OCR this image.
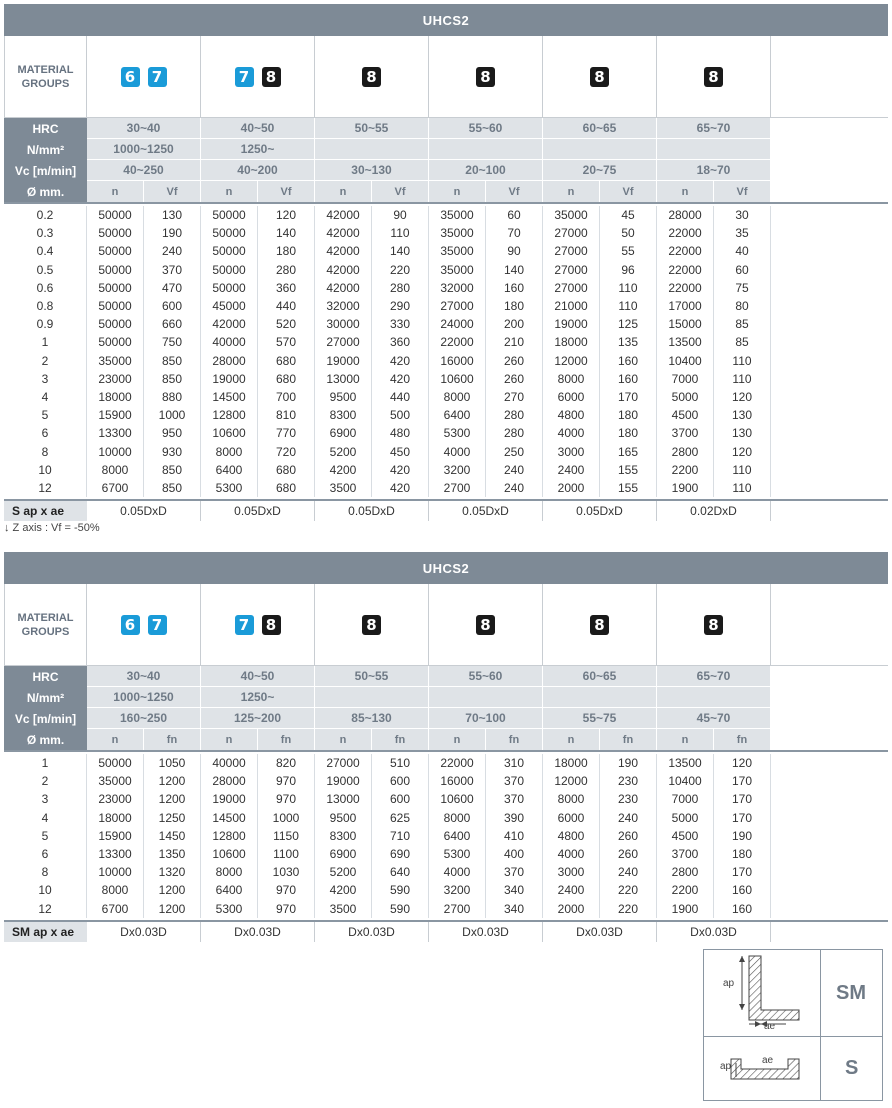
UHCS2
MATERIAL GROUPS	6 7	7 8	8	8	8	8
HRC	30~40	40~50	50~55	55~60	60~65	65~70
N/mm²	1000~1250	1250~
Vc [m/min]	40~250	40~200	30~130	20~100	20~75	18~70
Ø mm.	n	Vf	n	Vf	n	Vf	n	Vf	n	Vf	n	Vf
0.2	50000	130	50000	120	42000	90	35000	60	35000	45	28000	30
0.3	50000	190	50000	140	42000	110	35000	70	27000	50	22000	35
0.4	50000	240	50000	180	42000	140	35000	90	27000	55	22000	40
0.5	50000	370	50000	280	42000	220	35000	140	27000	96	22000	60
0.6	50000	470	50000	360	42000	280	32000	160	27000	110	22000	75
0.8	50000	600	45000	440	32000	290	27000	180	21000	110	17000	80
0.9	50000	660	42000	520	30000	330	24000	200	19000	125	15000	85
1	50000	750	40000	570	27000	360	22000	210	18000	135	13500	85
2	35000	850	28000	680	19000	420	16000	260	12000	160	10400	110
3	23000	850	19000	680	13000	420	10600	260	8000	160	7000	110
4	18000	880	14500	700	9500	440	8000	270	6000	170	5000	120
5	15900	1000	12800	810	8300	500	6400	280	4800	180	4500	130
6	13300	950	10600	770	6900	480	5300	280	4000	180	3700	130
8	10000	930	8000	720	5200	450	4000	250	3000	165	2800	120
10	8000	850	6400	680	4200	420	3200	240	2400	155	2200	110
12	6700	850	5300	680	3500	420	2700	240	2000	155	1900	110
S ap x ae	0.05DxD	0.05DxD	0.05DxD	0.05DxD	0.05DxD	0.02DxD
↓ Z axis : Vf = -50%
UHCS2
MATERIAL GROUPS	6 7	7 8	8	8	8	8
HRC	30~40	40~50	50~55	55~60	60~65	65~70
N/mm²	1000~1250	1250~
Vc [m/min]	160~250	125~200	85~130	70~100	55~75	45~70
Ø mm.	n	fn	n	fn	n	fn	n	fn	n	fn	n	fn
1	50000	1050	40000	820	27000	510	22000	310	18000	190	13500	120
2	35000	1200	28000	970	19000	600	16000	370	12000	230	10400	170
3	23000	1200	19000	970	13000	600	10600	370	8000	230	7000	170
4	18000	1250	14500	1000	9500	625	8000	390	6000	240	5000	170
5	15900	1450	12800	1150	8300	710	6400	410	4800	260	4500	190
6	13300	1350	10600	1100	6900	690	5300	400	4000	260	3700	180
8	10000	1320	8000	1030	5200	640	4000	370	3000	240	2800	170
10	8000	1200	6400	970	4200	590	3200	340	2400	220	2200	160
12	6700	1200	5300	970	3500	590	2700	340	2000	220	1900	160
SM ap x ae	Dx0.03D	Dx0.03D	Dx0.03D	Dx0.03D	Dx0.03D	Dx0.03D
ap
ae
SM
ap
ae	S
